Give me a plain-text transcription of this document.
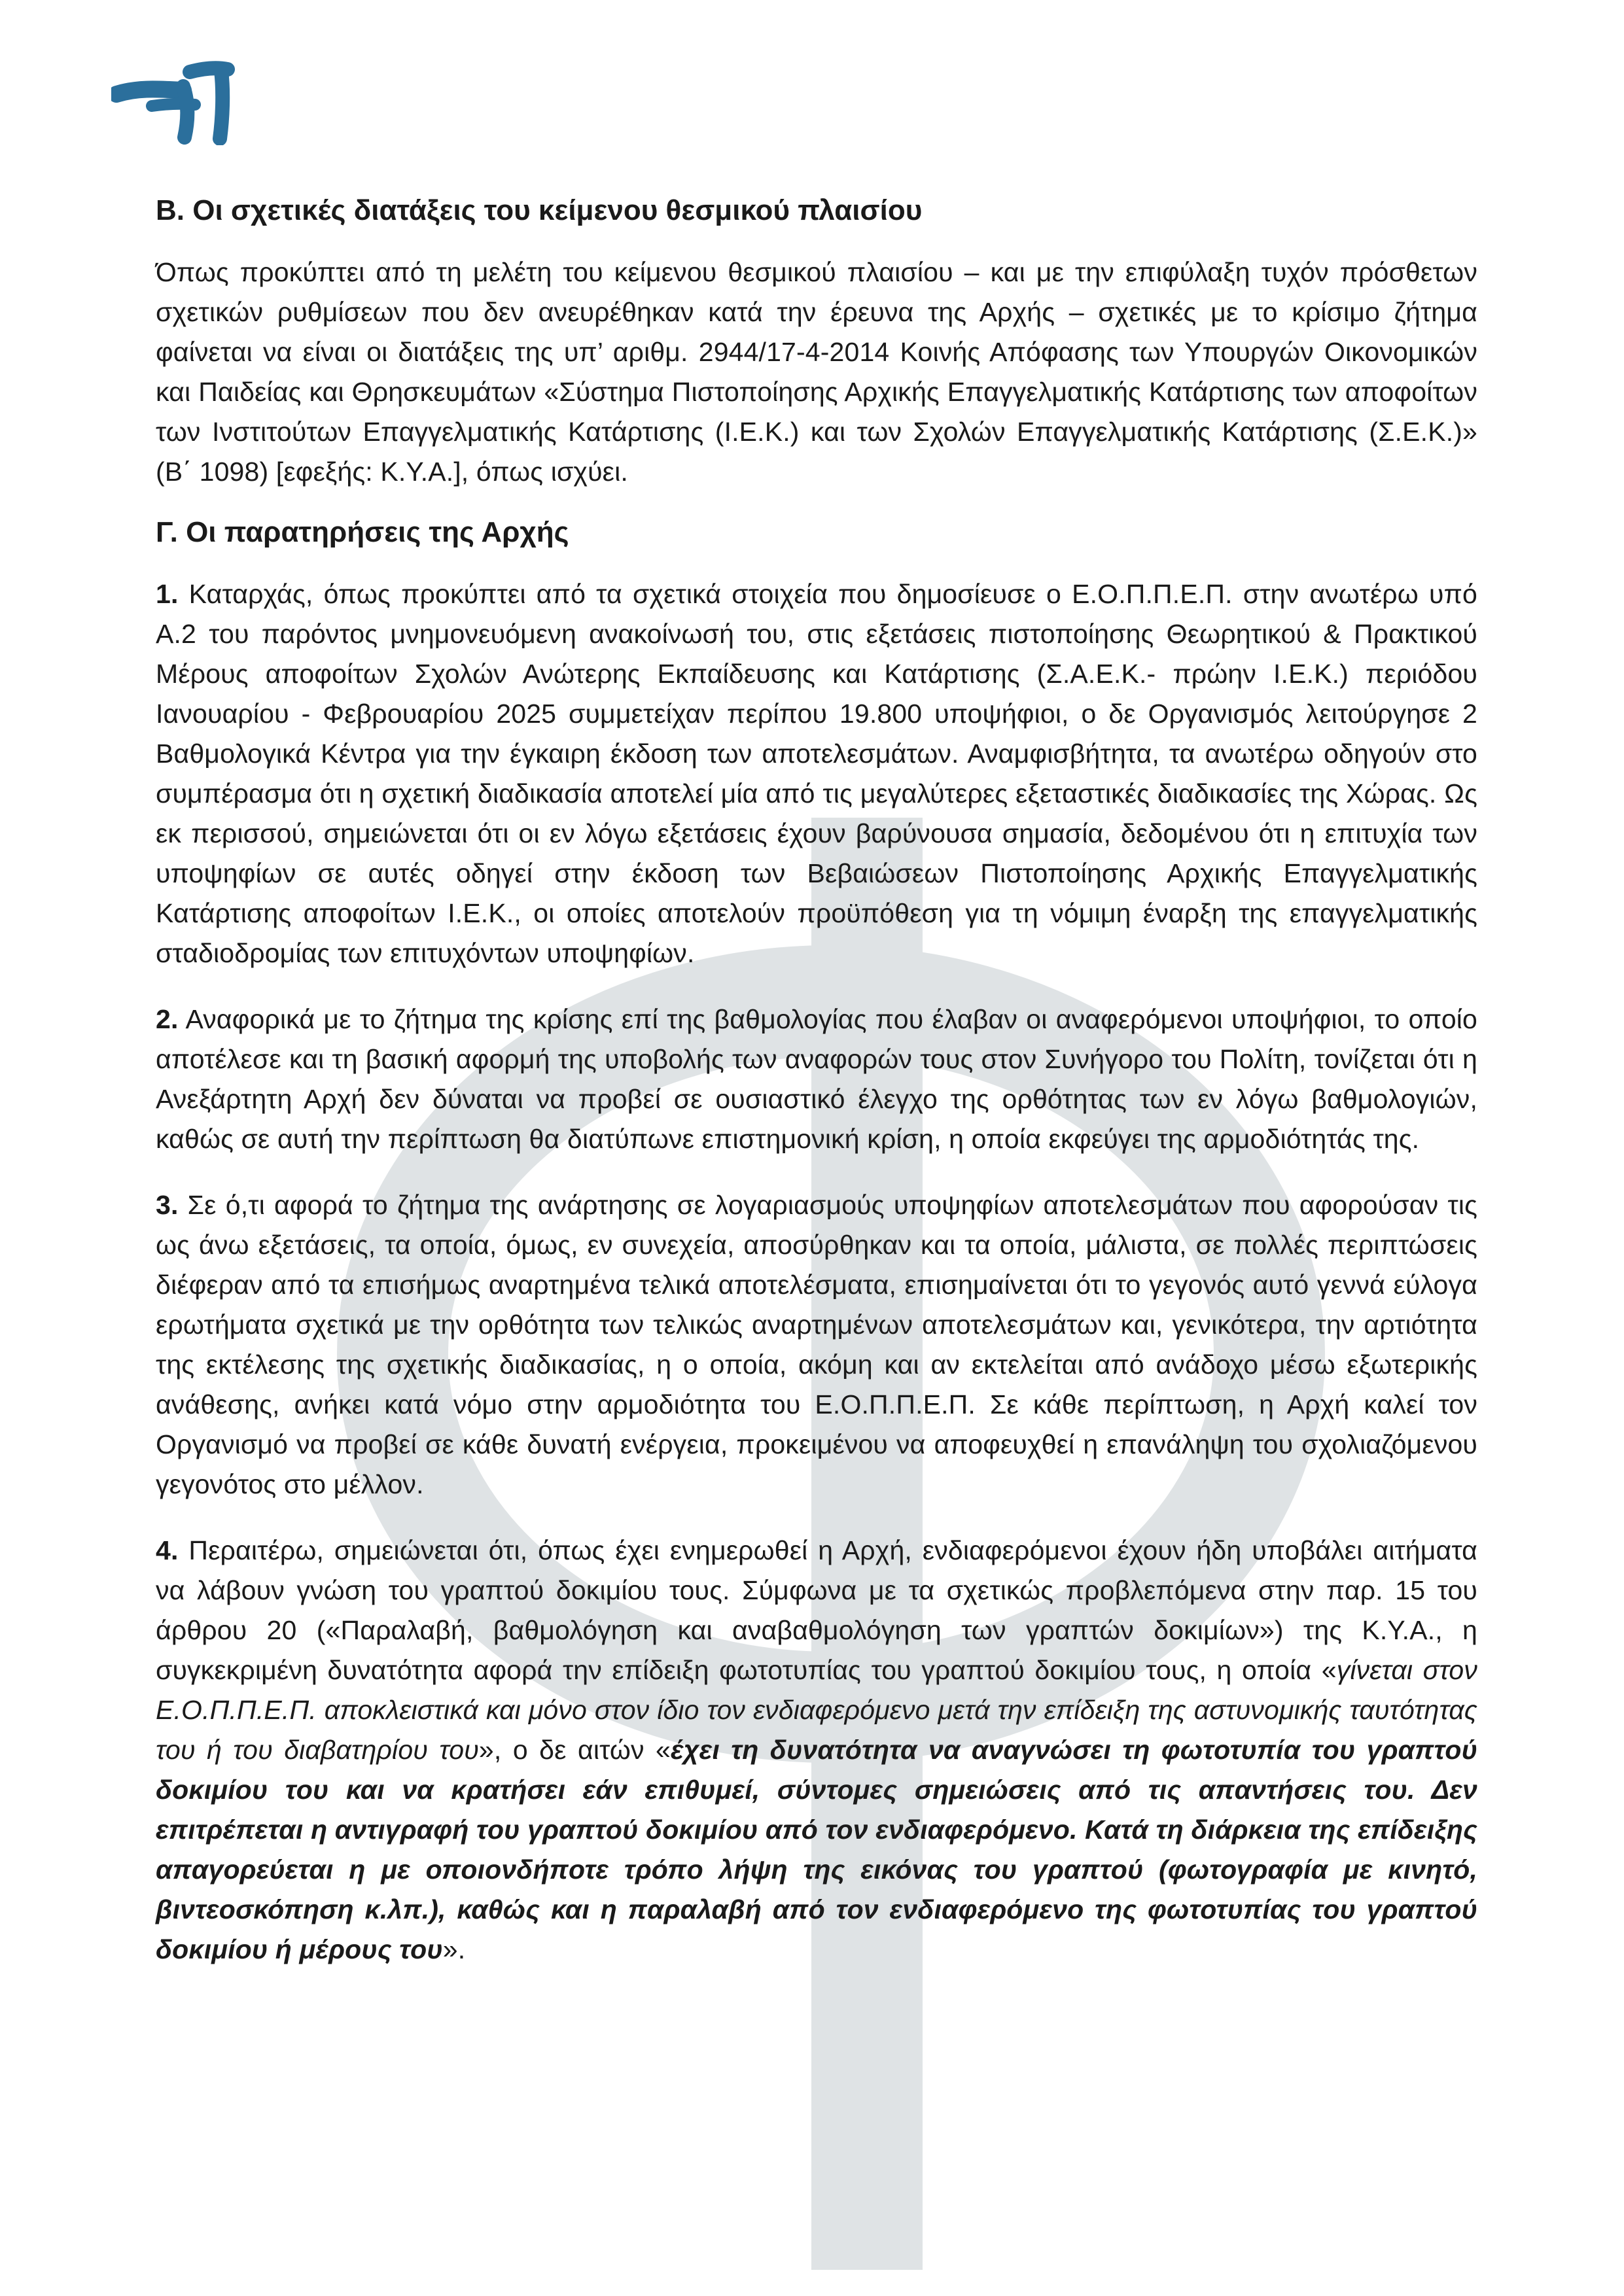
Β. Οι σχετικές διατάξεις του κείμενου θεσμικού πλαισίου

Όπως προκύπτει από τη μελέτη του κείμενου θεσμικού πλαισίου – και με την επιφύλαξη τυχόν πρόσθετων σχετικών ρυθμίσεων που δεν ανευρέθηκαν κατά την έρευνα της Αρχής – σχετικές με το κρίσιμο ζήτημα φαίνεται να είναι οι διατάξεις της υπ’ αριθμ. 2944/17-4-2014 Κοινής Απόφασης των Υπουργών Οικονομικών και Παιδείας και Θρησκευμάτων «Σύστημα Πιστοποίησης Αρχικής Επαγγελματικής Κατάρτισης των αποφοίτων των Ινστιτούτων Επαγγελματικής Κατάρτισης (Ι.Ε.Κ.) και των Σχολών Επαγγελματικής Κατάρτισης (Σ.Ε.Κ.)» (Β΄ 1098) [εφεξής: Κ.Υ.Α.], όπως ισχύει.

Γ. Οι παρατηρήσεις της Αρχής

1. Καταρχάς, όπως προκύπτει από τα σχετικά στοιχεία που δημοσίευσε ο Ε.Ο.Π.Π.Ε.Π. στην ανωτέρω υπό Α.2 του παρόντος μνημονευόμενη ανακοίνωσή του, στις εξετάσεις πιστοποίησης Θεωρητικού & Πρακτικού Μέρους αποφοίτων Σχολών Ανώτερης Εκπαίδευσης και Κατάρτισης (Σ.Α.Ε.Κ.- πρώην Ι.Ε.Κ.) περιόδου Ιανουαρίου - Φεβρουαρίου 2025 συμμετείχαν περίπου 19.800 υποψήφιοι, ο δε Οργανισμός λειτούργησε 2 Βαθμολογικά Κέντρα για την έγκαιρη έκδοση των αποτελεσμάτων. Αναμφισβήτητα, τα ανωτέρω οδηγούν στο συμπέρασμα ότι η σχετική διαδικασία αποτελεί μία από τις μεγαλύτερες εξεταστικές διαδικασίες της Χώρας. Ως εκ περισσού, σημειώνεται ότι οι εν λόγω εξετάσεις έχουν βαρύνουσα σημασία, δεδομένου ότι η επιτυχία των υποψηφίων σε αυτές οδηγεί στην έκδοση των Βεβαιώσεων Πιστοποίησης Αρχικής Επαγγελματικής Κατάρτισης αποφοίτων Ι.Ε.Κ., οι οποίες αποτελούν προϋπόθεση για τη νόμιμη έναρξη της επαγγελματικής σταδιοδρομίας των επιτυχόντων υποψηφίων.

2. Αναφορικά με το ζήτημα της κρίσης επί της βαθμολογίας που έλαβαν οι αναφερόμενοι υποψήφιοι, το οποίο αποτέλεσε και τη βασική αφορμή της υποβολής των αναφορών τους στον Συνήγορο του Πολίτη, τονίζεται ότι η Ανεξάρτητη Αρχή δεν δύναται να προβεί σε ουσιαστικό έλεγχο της ορθότητας των εν λόγω βαθμολογιών, καθώς σε αυτή την περίπτωση θα διατύπωνε επιστημονική κρίση, η οποία εκφεύγει της αρμοδιότητάς της.

3. Σε ό,τι αφορά το ζήτημα της ανάρτησης σε λογαριασμούς υποψηφίων αποτελεσμάτων που αφορούσαν τις ως άνω εξετάσεις, τα οποία, όμως, εν συνεχεία, αποσύρθηκαν και τα οποία, μάλιστα, σε πολλές περιπτώσεις διέφεραν από τα επισήμως αναρτημένα τελικά αποτελέσματα, επισημαίνεται ότι το γεγονός αυτό γεννά εύλογα ερωτήματα σχετικά με την ορθότητα των τελικώς αναρτημένων αποτελεσμάτων και, γενικότερα, την αρτιότητα της εκτέλεσης της σχετικής διαδικασίας, η ο οποία, ακόμη και αν εκτελείται από ανάδοχο μέσω εξωτερικής ανάθεσης, ανήκει κατά νόμο στην αρμοδιότητα του Ε.Ο.Π.Π.Ε.Π. Σε κάθε περίπτωση, η Αρχή καλεί τον Οργανισμό να προβεί σε κάθε δυνατή ενέργεια, προκειμένου να αποφευχθεί η επανάληψη του σχολιαζόμενου γεγονότος στο μέλλον.

4. Περαιτέρω, σημειώνεται ότι, όπως έχει ενημερωθεί η Αρχή, ενδιαφερόμενοι έχουν ήδη υποβάλει αιτήματα να λάβουν γνώση του γραπτού δοκιμίου τους. Σύμφωνα με τα σχετικώς προβλεπόμενα στην παρ. 15 του άρθρου 20 («Παραλαβή, βαθμολόγηση και αναβαθμολόγηση των γραπτών δοκιμίων») της Κ.Υ.Α., η συγκεκριμένη δυνατότητα αφορά την επίδειξη φωτοτυπίας του γραπτού δοκιμίου τους, η οποία «γίνεται στον Ε.Ο.Π.Π.Ε.Π. αποκλειστικά και μόνο στον ίδιο τον ενδιαφερόμενο μετά την επίδειξη της αστυνομικής ταυτότητας του ή του διαβατηρίου του», ο δε αιτών «έχει τη δυνατότητα να αναγνώσει τη φωτοτυπία του γραπτού δοκιμίου του και να κρατήσει εάν επιθυμεί, σύντομες σημειώσεις από τις απαντήσεις του. Δεν επιτρέπεται η αντιγραφή του γραπτού δοκιμίου από τον ενδιαφερόμενο. Κατά τη διάρκεια της επίδειξης απαγορεύεται η με οποιονδήποτε τρόπο λήψη της εικόνας του γραπτού (φωτογραφία με κινητό, βιντεοσκόπηση κ.λπ.), καθώς και η παραλαβή από τον ενδιαφερόμενο της φωτοτυπίας του γραπτού δοκιμίου ή μέρους του».
